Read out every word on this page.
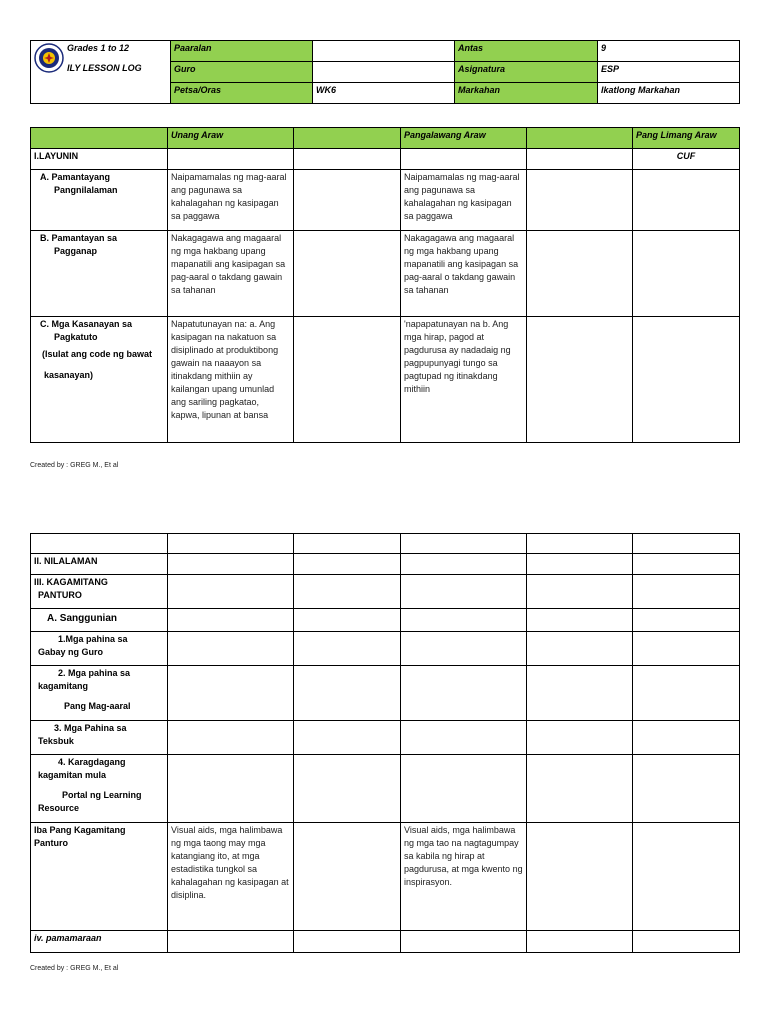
Grades 1 to 12
ILY LESSON LOG	Paaralan		Antas	9
	Guro		Asignatura	ESP
	Petsa/Oras	WK6	Markahan	Ikatlong Markahan
	Unang Araw		Pangalawang Araw		Pang Limang Araw
I.LAYUNIN					CUF

A. Pamantayang
Pangnilalaman	Naipamamalas ng mag-aaral ang pagunawa sa kahalagahan ng kasipagan sa paggawa		Naipamamalas ng mag-aaral ang pagunawa sa kahalagahan ng kasipagan sa paggawa		

B. Pamantayan sa
Pagganap	Nakagagawa ang magaaral ng mga hakbang upang mapanatili ang kasipagan sa pag-aaral o takdang gawain sa tahanan		Nakagagawa ang magaaral ng mga hakbang upang mapanatili ang kasipagan sa pag-aaral o takdang gawain sa tahanan		

C. Mga Kasanayan sa
Pagkatuto
(Isulat ang code ng bawat
kasanayan)	Napatutunayan na: a. Ang kasipagan na nakatuon sa disiplinado at produktibong gawain na naaayon sa itinakdang mithiin ay kailangan upang umunlad ang sariling pagkatao, kapwa, lipunan at bansa		'napapatunayan na b. Ang mga hirap, pagod at pagdurusa ay nadadaig ng pagpupunyagi tungo sa pagtupad ng itinakdang mithiin		
Created by : GREG M., Et al

II. NILALAMAN					

III. KAGAMITANG
PANTURO					

A. Sanggunian					

1.Mga pahina sa
Gabay ng Guro					

2. Mga pahina sa
kagamitang
Pang Mag-aaral					

3. Mga Pahina sa
Teksbuk					

4. Karagdagang
kagamitan mula
Portal ng Learning
Resource					

Iba Pang Kagamitang
Panturo	Visual aids, mga halimbawa ng mga taong may mga katangiang ito, at mga estadistika tungkol sa kahalagahan ng kasipagan at disiplina.		Visual aids, mga halimbawa ng mga tao na nagtagumpay sa kabila ng hirap at pagdurusa, at mga kwento ng inspirasyon.		
iv. pamamaraan					
Created by : GREG M., Et al
